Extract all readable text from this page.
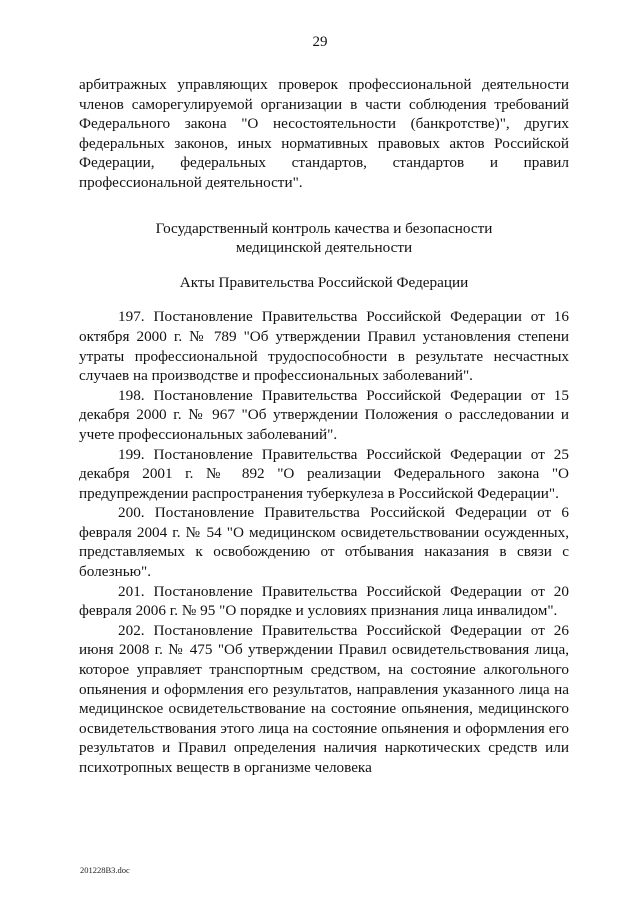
29

арбитражных управляющих проверок профессиональной деятельности членов саморегулируемой организации в части соблюдения требований Федерального закона "О несостоятельности (банкротстве)", других федеральных законов, иных нормативных правовых актов Российской Федерации, федеральных стандартов, стандартов и правил профессиональной деятельности".

Государственный контроль качества и безопасности
медицинской деятельности

Акты Правительства Российской Федерации

197. Постановление Правительства Российской Федерации от 16 октября 2000 г. № 789 "Об утверждении Правил установления степени утраты профессиональной трудоспособности в результате несчастных случаев на производстве и профессиональных заболеваний".

198. Постановление Правительства Российской Федерации от 15 декабря 2000 г. № 967 "Об утверждении Положения о расследовании и учете профессиональных заболеваний".

199. Постановление Правительства Российской Федерации от 25 декабря 2001 г. № 892 "О реализации Федерального закона "О предупреждении распространения туберкулеза в Российской Федерации".

200. Постановление Правительства Российской Федерации от 6 февраля 2004 г. № 54 "О медицинском освидетельствовании осужденных, представляемых к освобождению от отбывания наказания в связи с болезнью".

201. Постановление Правительства Российской Федерации от 20 февраля 2006 г. № 95 "О порядке и условиях признания лица инвалидом".

202. Постановление Правительства Российской Федерации от 26 июня 2008 г. № 475 "Об утверждении Правил освидетельствования лица, которое управляет транспортным средством, на состояние алкогольного опьянения и оформления его результатов, направления указанного лица на медицинское освидетельствование на состояние опьянения, медицинского освидетельствования этого лица на состояние опьянения и оформления его результатов и Правил определения наличия наркотических средств или психотропных веществ в организме человека

201228В3.doc
